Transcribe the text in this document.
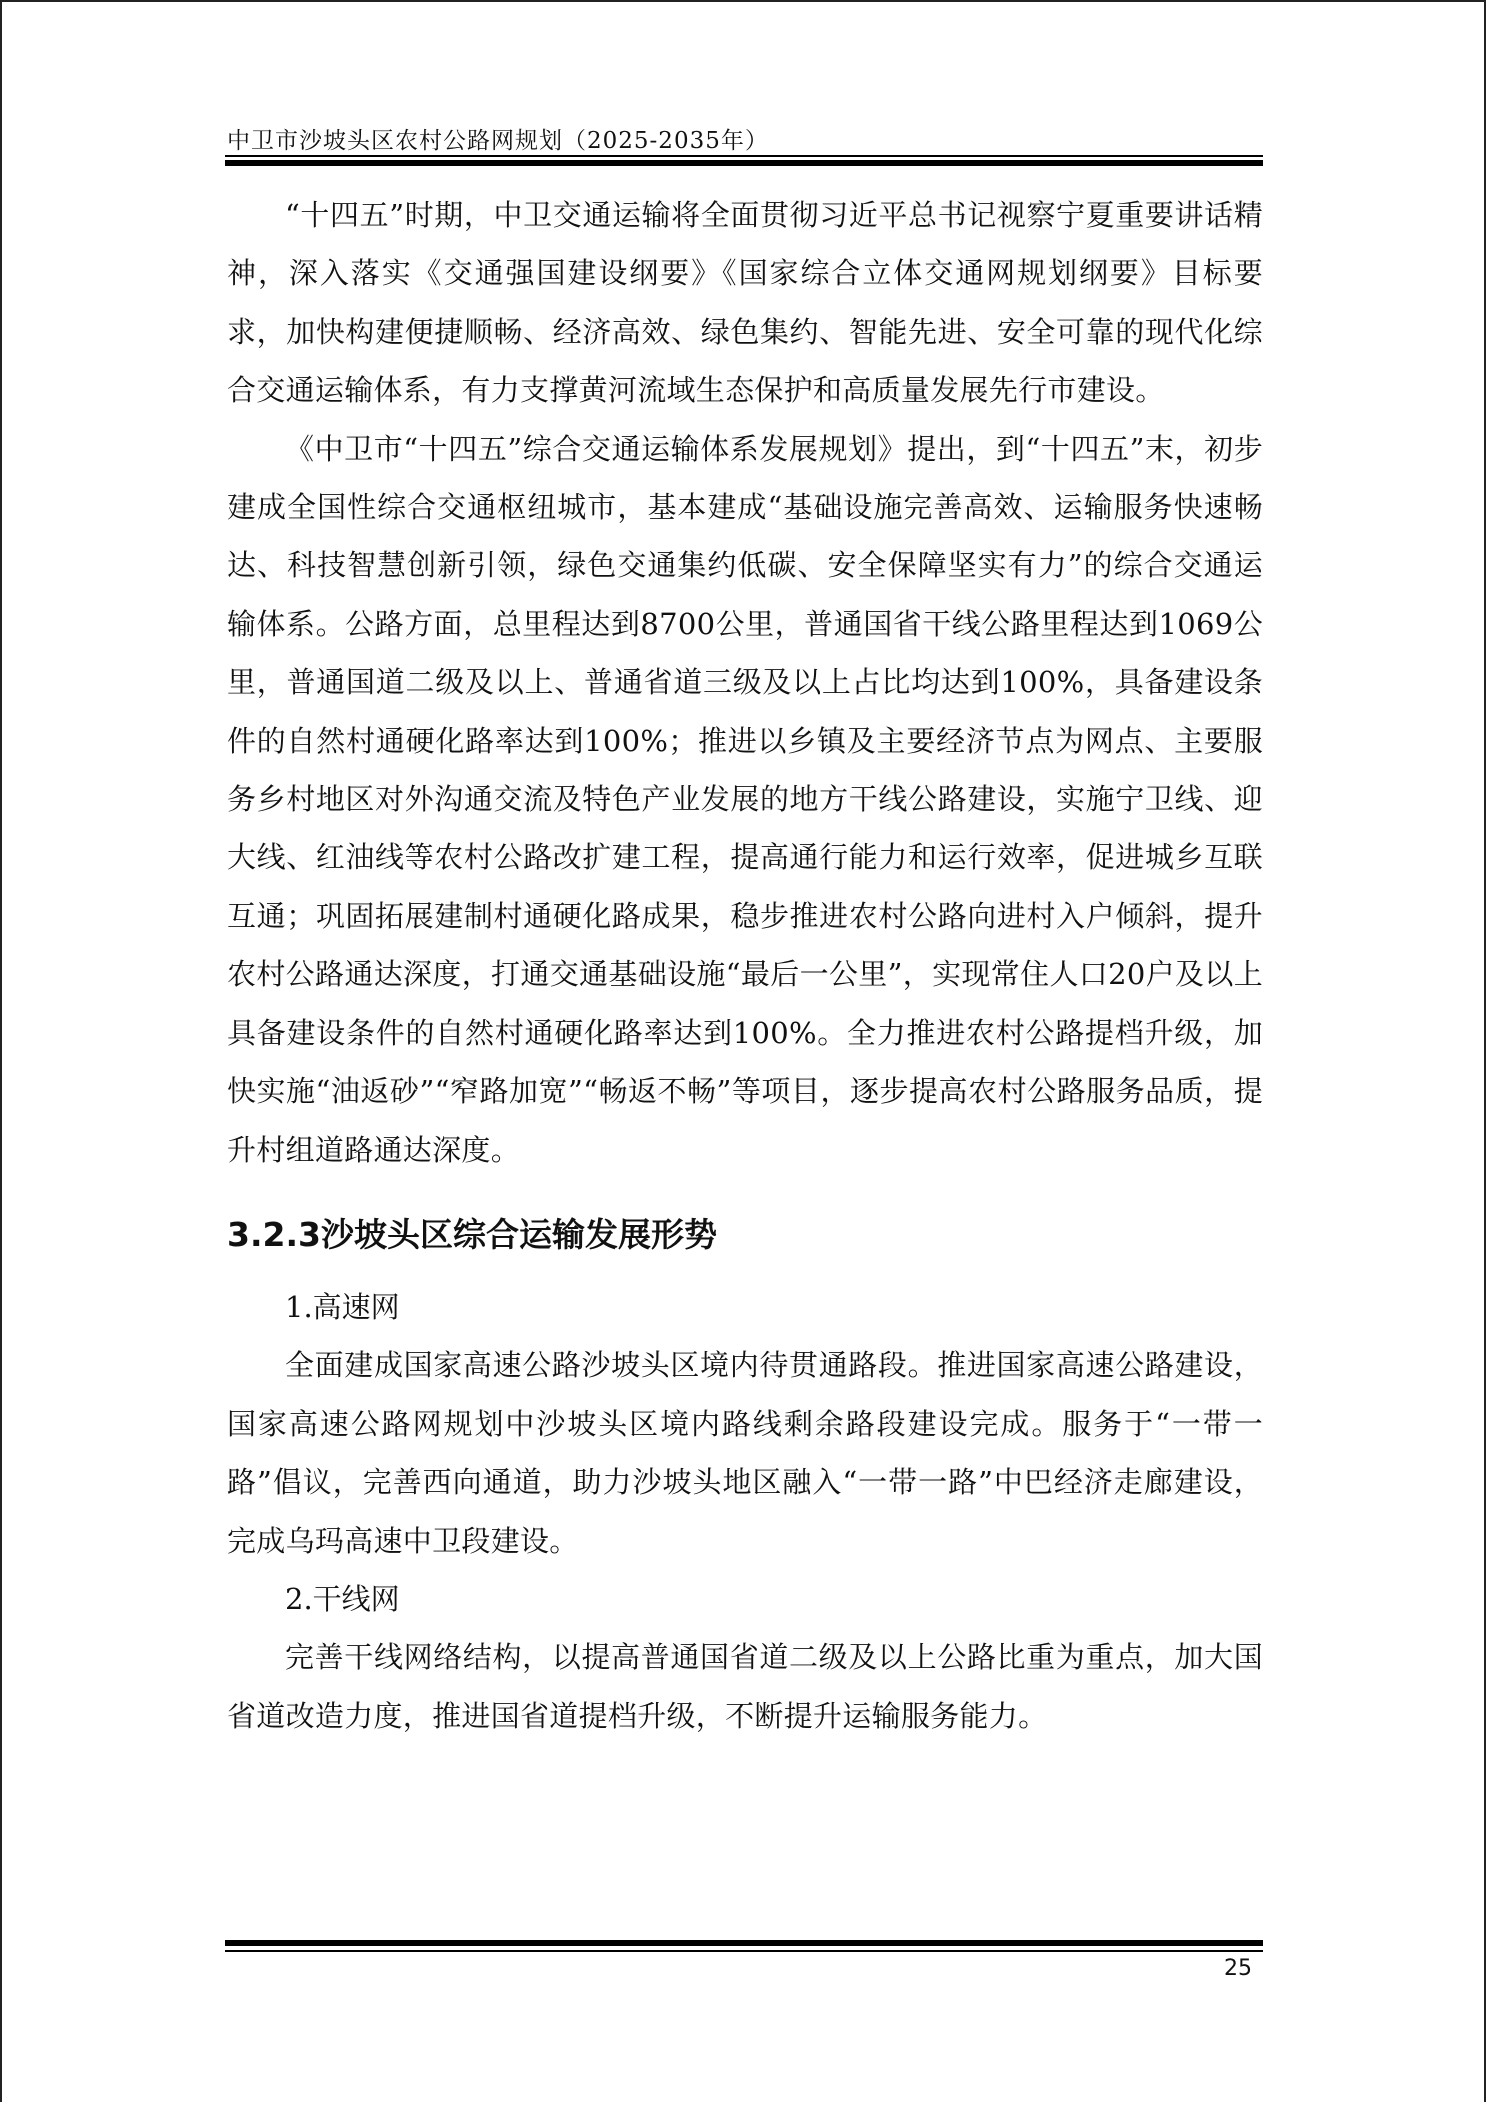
中卫市沙坡头区农村公路网规划（2025-2035年）

“十四五”时期，中卫交通运输将全面贯彻习近平总书记视察宁夏重要讲话精神，深入落实《交通强国建设纲要》《国家综合立体交通网规划纲要》目标要求，加快构建便捷顺畅、经济高效、绿色集约、智能先进、安全可靠的现代化综合交通运输体系，有力支撑黄河流域生态保护和高质量发展先行市建设。

《中卫市“十四五”综合交通运输体系发展规划》提出，到“十四五”末，初步建成全国性综合交通枢纽城市，基本建成“基础设施完善高效、运输服务快速畅达、科技智慧创新引领，绿色交通集约低碳、安全保障坚实有力”的综合交通运输体系。公路方面，总里程达到8700公里，普通国省干线公路里程达到1069公里，普通国道二级及以上、普通省道三级及以上占比均达到100%，具备建设条件的自然村通硬化路率达到100%；推进以乡镇及主要经济节点为网点、主要服务乡村地区对外沟通交流及特色产业发展的地方干线公路建设，实施宁卫线、迎大线、红油线等农村公路改扩建工程，提高通行能力和运行效率，促进城乡互联互通；巩固拓展建制村通硬化路成果，稳步推进农村公路向进村入户倾斜，提升农村公路通达深度，打通交通基础设施“最后一公里”，实现常住人口20户及以上具备建设条件的自然村通硬化路率达到100%。全力推进农村公路提档升级，加快实施“油返砂”“窄路加宽”“畅返不畅”等项目，逐步提高农村公路服务品质，提升村组道路通达深度。

3.2.3沙坡头区综合运输发展形势

1.高速网

全面建成国家高速公路沙坡头区境内待贯通路段。推进国家高速公路建设，国家高速公路网规划中沙坡头区境内路线剩余路段建设完成。服务于“一带一路”倡议，完善西向通道，助力沙坡头地区融入“一带一路”中巴经济走廊建设，完成乌玛高速中卫段建设。

2.干线网

完善干线网络结构，以提高普通国省道二级及以上公路比重为重点，加大国省道改造力度，推进国省道提档升级，不断提升运输服务能力。

25
